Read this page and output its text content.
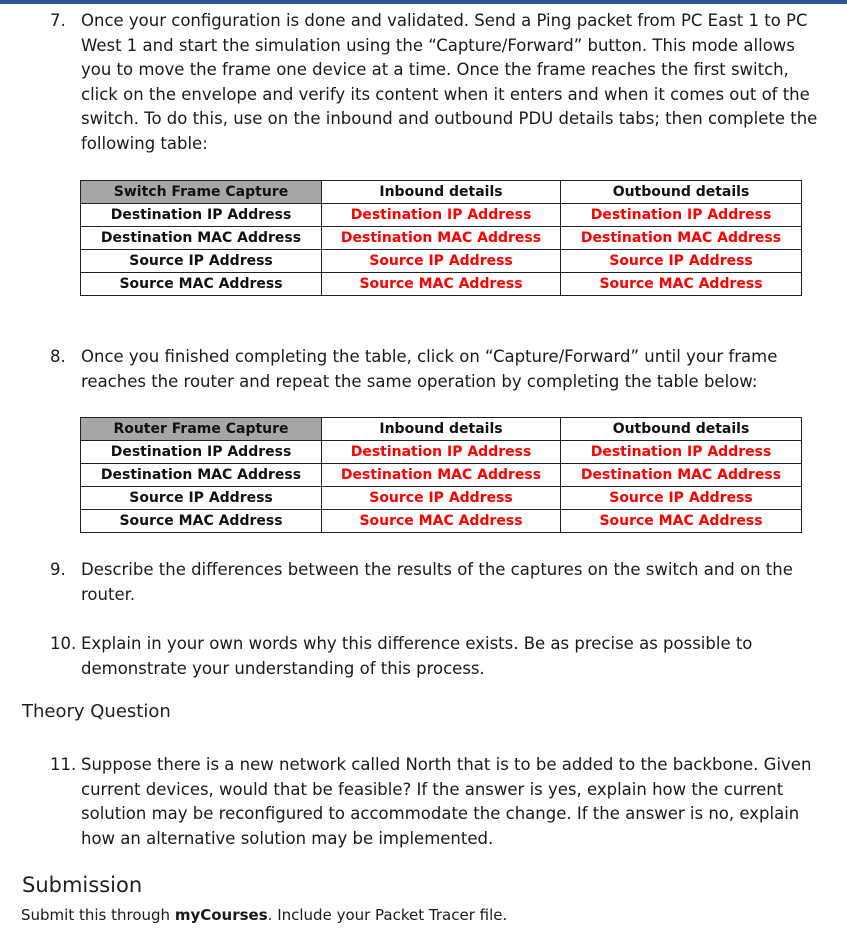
7. Once your configuration is done and validated. Send a Ping packet from PC East 1 to PC
West 1 and start the simulation using the “Capture/Forward” button. This mode allows
you to move the frame one device at a time. Once the frame reaches the first switch,
click on the envelope and verify its content when it enters and when it comes out of the
switch. To do this, use on the inbound and outbound PDU details tabs; then complete the
following table:
Switch Frame Capture	Inbound details	Outbound details
Destination IP Address	Destination IP Address	Destination IP Address
Destination MAC Address	Destination MAC Address	Destination MAC Address
Source IP Address	Source IP Address	Source IP Address
Source MAC Address	Source MAC Address	Source MAC Address
8. Once you finished completing the table, click on “Capture/Forward” until your frame
reaches the router and repeat the same operation by completing the table below:
Router Frame Capture	Inbound details	Outbound details
Destination IP Address	Destination IP Address	Destination IP Address
Destination MAC Address	Destination MAC Address	Destination MAC Address
Source IP Address	Source IP Address	Source IP Address
Source MAC Address	Source MAC Address	Source MAC Address
9. Describe the differences between the results of the captures on the switch and on the
router.
10. Explain in your own words why this difference exists. Be as precise as possible to
demonstrate your understanding of this process.
Theory Question
11. Suppose there is a new network called North that is to be added to the backbone. Given
current devices, would that be feasible? If the answer is yes, explain how the current
solution may be reconfigured to accommodate the change. If the answer is no, explain
how an alternative solution may be implemented.
Submission
Submit this through myCourses. Include your Packet Tracer file.
